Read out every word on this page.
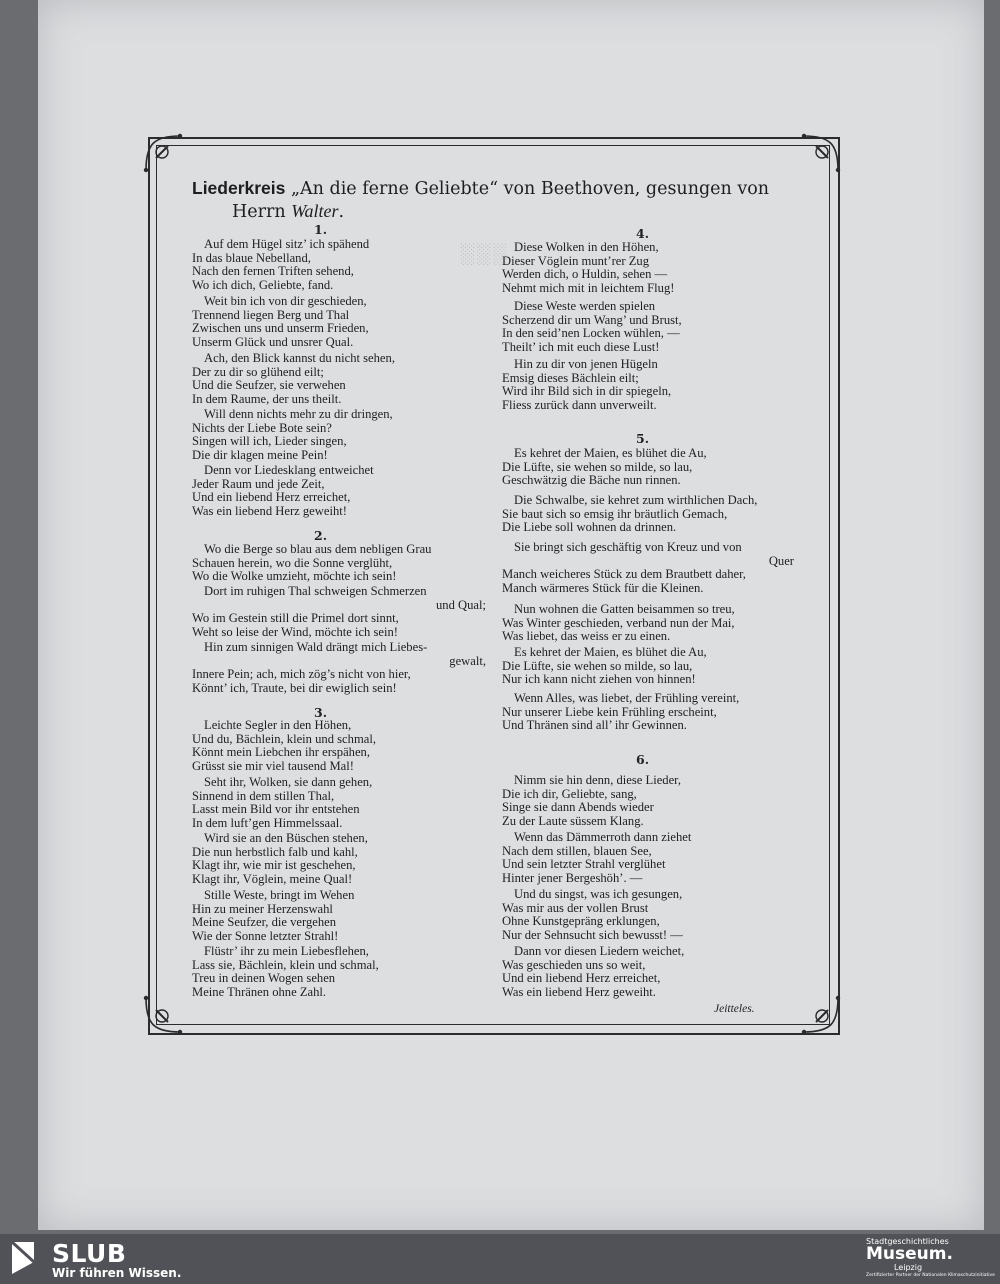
░░░
Liederkreis „An die ferne Geliebte“ von Beethoven, gesungen von
Herrn Walter.
1.
Auf dem Hügel sitz’ ich spähend
In das blaue Nebelland,
Nach den fernen Triften sehend,
Wo ich dich, Geliebte, fand.
Weit bin ich von dir geschieden,
Trennend liegen Berg und Thal
Zwischen uns und unserm Frieden,
Unserm Glück und unsrer Qual.
Ach, den Blick kannst du nicht sehen,
Der zu dir so glühend eilt;
Und die Seufzer, sie verwehen
In dem Raume, der uns theilt.
Will denn nichts mehr zu dir dringen,
Nichts der Liebe Bote sein?
Singen will ich, Lieder singen,
Die dir klagen meine Pein!
Denn vor Liedesklang entweichet
Jeder Raum und jede Zeit,
Und ein liebend Herz erreichet,
Was ein liebend Herz geweiht!
2.
Wo die Berge so blau aus dem nebligen Grau
Schauen herein, wo die Sonne verglüht,
Wo die Wolke umzieht, möchte ich sein!
Dort im ruhigen Thal schweigen Schmerzen
und Qual;
Wo im Gestein still die Primel dort sinnt,
Weht so leise der Wind, möchte ich sein!
Hin zum sinnigen Wald drängt mich Liebes-
gewalt,
Innere Pein; ach, mich zög’s nicht von hier,
Könnt’ ich, Traute, bei dir ewiglich sein!
3.
Leichte Segler in den Höhen,
Und du, Bächlein, klein und schmal,
Könnt mein Liebchen ihr erspähen,
Grüsst sie mir viel tausend Mal!
Seht ihr, Wolken, sie dann gehen,
Sinnend in dem stillen Thal,
Lasst mein Bild vor ihr entstehen
In dem luft’gen Himmelssaal.
Wird sie an den Büschen stehen,
Die nun herbstlich falb und kahl,
Klagt ihr, wie mir ist geschehen,
Klagt ihr, Vöglein, meine Qual!
Stille Weste, bringt im Wehen
Hin zu meiner Herzenswahl
Meine Seufzer, die vergehen
Wie der Sonne letzter Strahl!
Flüstr’ ihr zu mein Liebesflehen,
Lass sie, Bächlein, klein und schmal,
Treu in deinen Wogen sehen
Meine Thränen ohne Zahl.
4.
Diese Wolken in den Höhen,
Dieser Vöglein munt’rer Zug
Werden dich, o Huldin, sehen —
Nehmt mich mit in leichtem Flug!
Diese Weste werden spielen
Scherzend dir um Wang’ und Brust,
In den seid’nen Locken wühlen, —
Theilt’ ich mit euch diese Lust!
Hin zu dir von jenen Hügeln
Emsig dieses Bächlein eilt;
Wird ihr Bild sich in dir spiegeln,
Fliess zurück dann unverweilt.
5.
Es kehret der Maien, es blühet die Au,
Die Lüfte, sie wehen so milde, so lau,
Geschwätzig die Bäche nun rinnen.
Die Schwalbe, sie kehret zum wirthlichen Dach,
Sie baut sich so emsig ihr bräutlich Gemach,
Die Liebe soll wohnen da drinnen.
Sie bringt sich geschäftig von Kreuz und von
Quer
Manch weicheres Stück zu dem Brautbett daher,
Manch wärmeres Stück für die Kleinen.
Nun wohnen die Gatten beisammen so treu,
Was Winter geschieden, verband nun der Mai,
Was liebet, das weiss er zu einen.
Es kehret der Maien, es blühet die Au,
Die Lüfte, sie wehen so milde, so lau,
Nur ich kann nicht ziehen von hinnen!
Wenn Alles, was liebet, der Frühling vereint,
Nur unserer Liebe kein Frühling erscheint,
Und Thränen sind all’ ihr Gewinnen.
6.
Nimm sie hin denn, diese Lieder,
Die ich dir, Geliebte, sang,
Singe sie dann Abends wieder
Zu der Laute süssem Klang.
Wenn das Dämmerroth dann ziehet
Nach dem stillen, blauen See,
Und sein letzter Strahl verglühet
Hinter jener Bergeshöh’. —
Und du singst, was ich gesungen,
Was mir aus der vollen Brust
Ohne Kunstgepräng erklungen,
Nur der Sehnsucht sich bewusst! —
Dann vor diesen Liedern weichet,
Was geschieden uns so weit,
Und ein liebend Herz erreichet,
Was ein liebend Herz geweiht.
Jeitteles.
SLUB
Wir führen Wissen.
Stadtgeschichtliches
Museum.
Leipzig
Zertifizierter Partner der Nationalen Klimaschutzinitiative
